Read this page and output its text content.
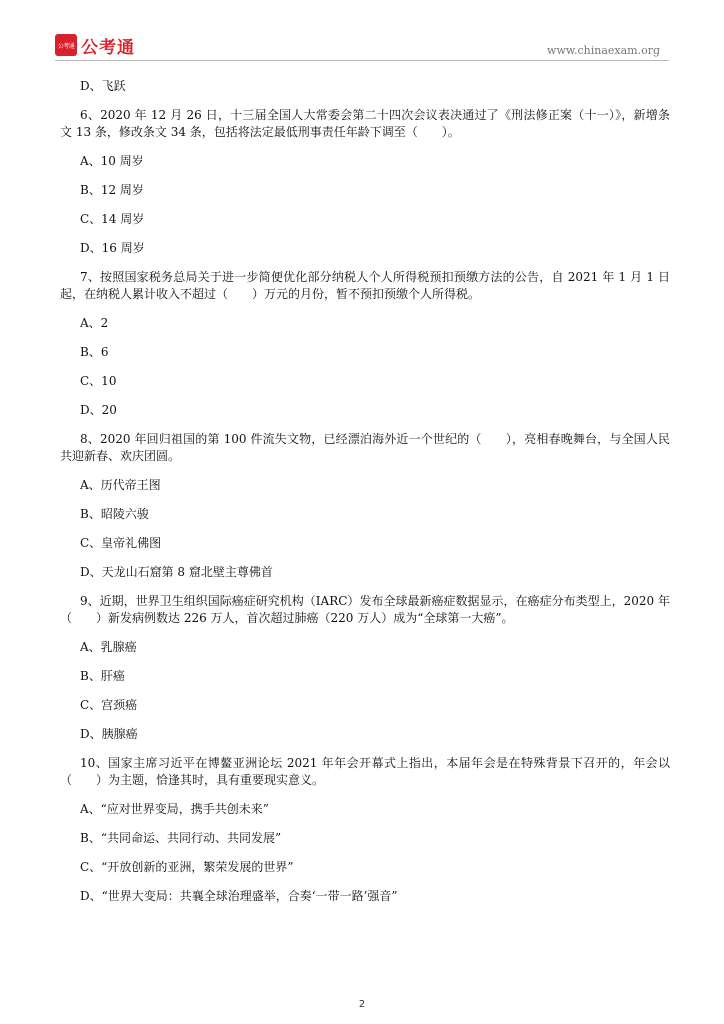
公考通 公考通	www.chinaexam.org

D、飞跃

6、2020 年 12 月 26 日，十三届全国人大常委会第二十四次会议表决通过了《刑法修正案（十一）》，新增条文 13 条，修改条文 34 条，包括将法定最低刑事责任年龄下调至（　　）。

A、10 周岁

B、12 周岁

C、14 周岁

D、16 周岁

7、按照国家税务总局关于进一步简便优化部分纳税人个人所得税预扣预缴方法的公告，自 2021 年 1 月 1 日起，在纳税人累计收入不超过（　　）万元的月份，暂不预扣预缴个人所得税。

A、2

B、6

C、10

D、20

8、2020 年回归祖国的第 100 件流失文物，已经漂泊海外近一个世纪的（　　），亮相春晚舞台，与全国人民共迎新春、欢庆团圆。

A、历代帝王图

B、昭陵六骏

C、皇帝礼佛图

D、天龙山石窟第 8 窟北壁主尊佛首

9、近期，世界卫生组织国际癌症研究机构（IARC）发布全球最新癌症数据显示，在癌症分布类型上，2020 年（　　）新发病例数达 226 万人，首次超过肺癌（220 万人）成为“全球第一大癌”。

A、乳腺癌

B、肝癌

C、宫颈癌

D、胰腺癌

10、国家主席习近平在博鳌亚洲论坛 2021 年年会开幕式上指出，本届年会是在特殊背景下召开的，年会以（　　）为主题，恰逢其时，具有重要现实意义。

A、“应对世界变局，携手共创未来”

B、“共同命运、共同行动、共同发展”

C、“开放创新的亚洲，繁荣发展的世界”

D、“世界大变局：共襄全球治理盛举，合奏‘一带一路’强音”

2
